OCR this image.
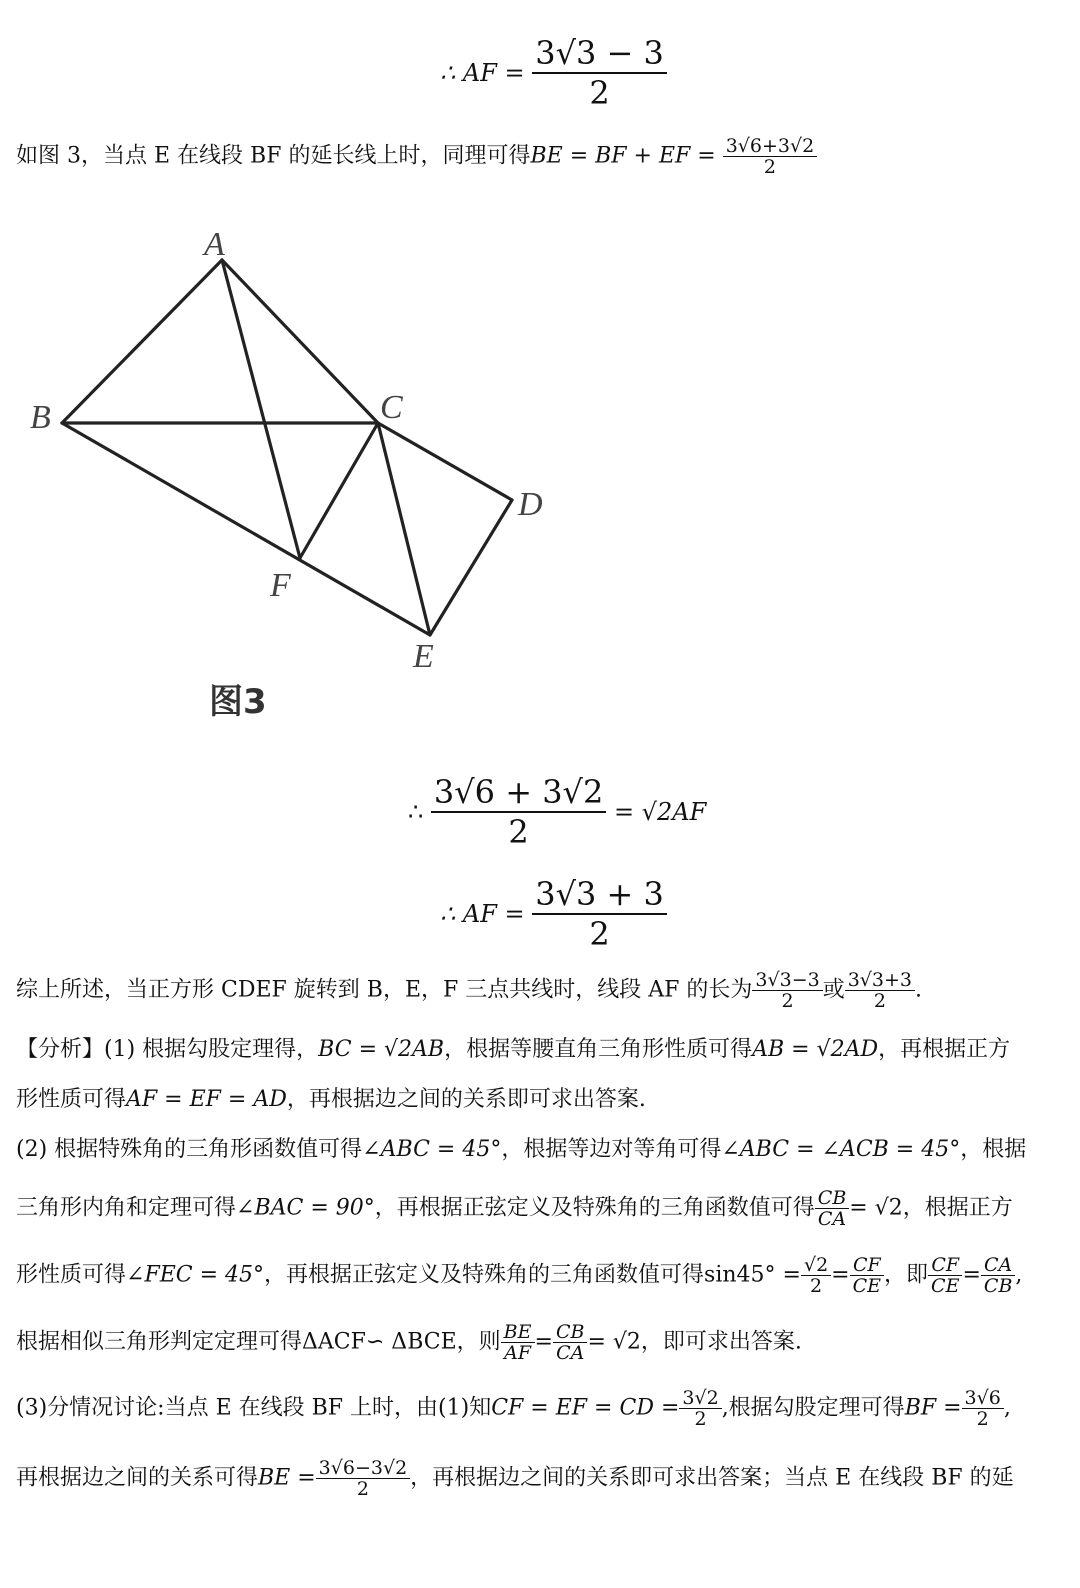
∴ AF = $\frac{3√3 - 3}{2}$
如图 3，当点 E 在线段 BF 的延长线上时，同理可得BE = BF + EF = $\frac{3√6+3√2}{2}$
A
B	C
D
E
F
图3
∴ $\frac{3√6 + 3√2}{2} = √2AF$
∴ AF = $\frac{3√3 + 3}{2}$
综上所述，当正方形 CDEF 旋转到 B，E，F 三点共线时，线段 AF 的长为 $\frac{3√3-3}{2}$ 或 $\frac{3√3+3}{2}$ .
【分析】(1) 根据勾股定理得，BC = √2AB，根据等腰直角三角形性质可得AB = √2AD，再根据正方
形性质可得AF = EF = AD，再根据边之间的关系即可求出答案.
(2) 根据特殊角的三角形函数值可得∠ABC = 45°，根据等边对等角可得∠ABC = ∠ACB = 45°，根据
三角形内角和定理可得∠BAC = 90°，再根据正弦定义及特殊角的三角函数值可得 $\frac{CB}{CA} = √2$，根据正方
形性质可得∠FEC = 45°，再根据正弦定义及特殊角的三角函数值可得$\sin 45^\circ = \frac{√2}{2} = \frac{CF}{CE}$ ，即 $\frac{CF}{CE} = \frac{CA}{CB}$ ,
根据相似三角形判定定理可得ΔACF∽ ΔBCE，则 $\frac{BE}{AF} = \frac{CB}{CA} = √2$，即可求出答案.
(3)分情况讨论:当点 E 在线段 BF 上时，由(1)知CF = EF = CD = $\frac{3√2}{2}$ ,根据勾股定理可得BF = $\frac{3√6}{2}$ ,
再根据边之间的关系可得BE = $\frac{3√6-3√2}{2}$ ，再根据边之间的关系即可求出答案；当点 E 在线段 BF 的延
